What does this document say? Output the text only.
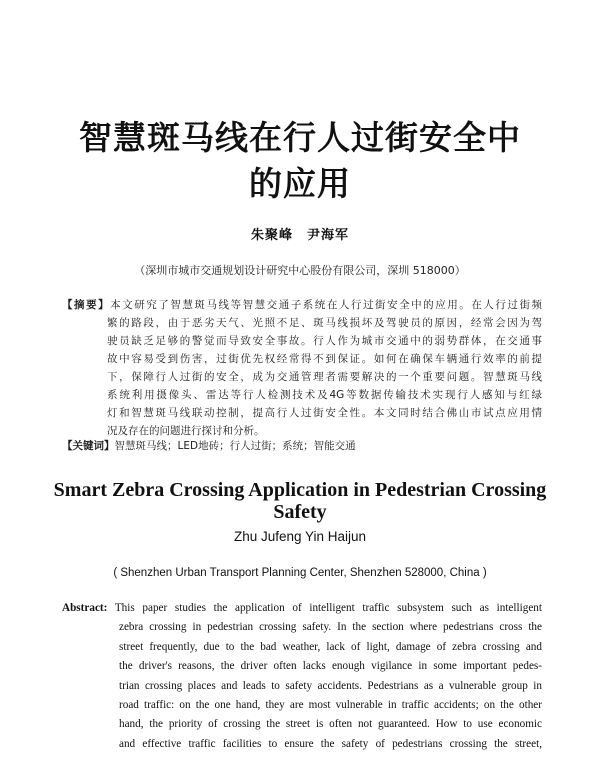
智慧斑马线在行人过街安全中
的应用
朱聚峰　尹海军
（深圳市城市交通规划设计研究中心股份有限公司，深圳 518000）
【摘要】本文研究了智慧斑马线等智慧交通子系统在人行过街安全中的应用。在人行过街频
繁的路段，由于恶劣天气、光照不足、斑马线损坏及驾驶员的原因，经常会因为驾
驶员缺乏足够的警觉而导致安全事故。行人作为城市交通中的弱势群体，在交通事
故中容易受到伤害，过街优先权经常得不到保证。如何在确保车辆通行效率的前提
下，保障行人过街的安全，成为交通管理者需要解决的一个重要问题。智慧斑马线
系统利用摄像头、雷达等行人检测技术及4G等数据传输技术实现行人感知与红绿
灯和智慧斑马线联动控制，提高行人过街安全性。本文同时结合佛山市试点应用情
况及存在的问题进行探讨和分析。
【关键词】智慧斑马线；LED地砖；行人过街；系统；智能交通
Smart Zebra Crossing Application in Pedestrian Crossing
Safety
Zhu Jufeng Yin Haijun
( Shenzhen Urban Transport Planning Center, Shenzhen 528000, China )
Abstract: This paper studies the application of intelligent traffic subsystem such as intelligent
zebra crossing in pedestrian crossing safety. In the section where pedestrians cross the
street frequently, due to the bad weather, lack of light, damage of zebra crossing and
the driver's reasons, the driver often lacks enough vigilance in some important pedes-
trian crossing places and leads to safety accidents. Pedestrians as a vulnerable group in
road traffic: on the one hand, they are most vulnerable in traffic accidents; on the other
hand, the priority of crossing the street is often not guaranteed. How to use economic
and effective traffic facilities to ensure the safety of pedestrians crossing the street,
